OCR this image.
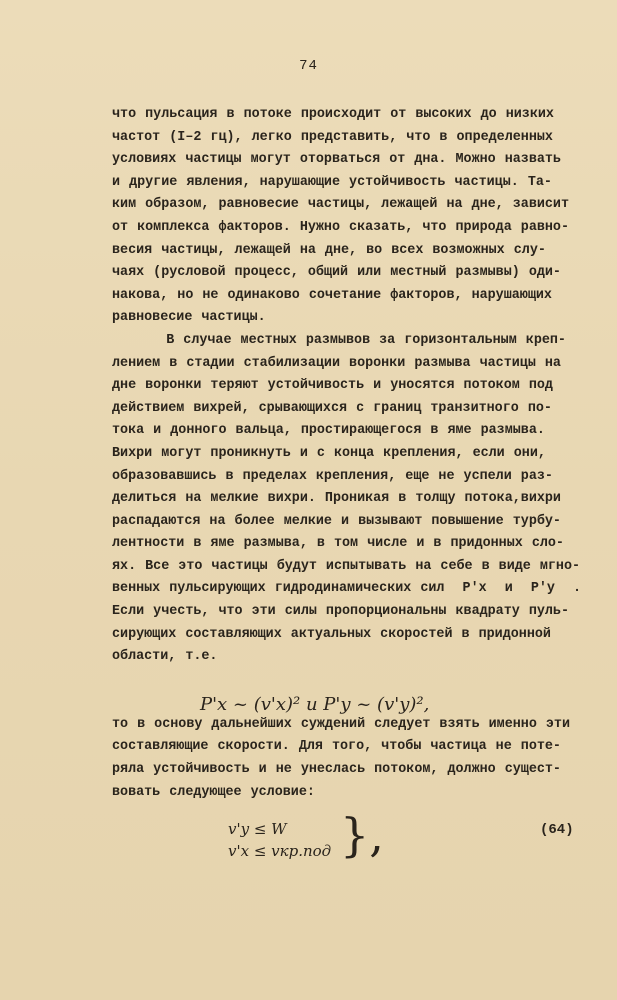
74
что пульсация в потоке происходит от высоких до низких
частот (I–2 гц), легко представить, что в определенных
условиях частицы могут оторваться от дна. Можно назвать
и другие явления, нарушающие устойчивость частицы. Та-
ким образом, равновесие частицы, лежащей на дне, зависит
от комплекса факторов. Нужно сказать, что природа равно-
весия частицы, лежащей на дне, во всех возможных слу-
чаях (русловой процесс, общий или местный размывы) оди-
накова, но не одинаково сочетание факторов, нарушающих
равновесие частицы.
В случае местных размывов за горизонтальным креп-
лением в стадии стабилизации воронки размыва частицы на
дне воронки теряют устойчивость и уносятся потоком под
действием вихрей, срывающихся с границ транзитного по-
тока и донного вальца, простирающегося в яме размыва.
Вихри могут проникнуть и с конца крепления, если они,
образовавшись в пределах крепления, еще не успели раз-
делиться на мелкие вихри. Проникая в толщу потока,вихри
распадаются на более мелкие и вызывают повышение турбу-
лентности в яме размыва, в том числе и в придонных сло-
ях. Все это частицы будут испытывать на себе в виде мгно-
венных пульсирующих гидродинамических сил  P'x  и  P'y  .
Если учесть, что эти силы пропорциональны квадрату пуль-
сирующих составляющих актуальных скоростей в придонной
области, т.е.
то в основу дальнейших суждений следует взять именно эти
составляющие скорости. Для того, чтобы частица не поте-
ряла устойчивость и не унеслась потоком, должно сущест-
вовать следующее условие:
P'x ~ (v'x)² и P'y ~ (v'y)²,
v'y ≤ W
v'x ≤ vкр.под },	(64)
